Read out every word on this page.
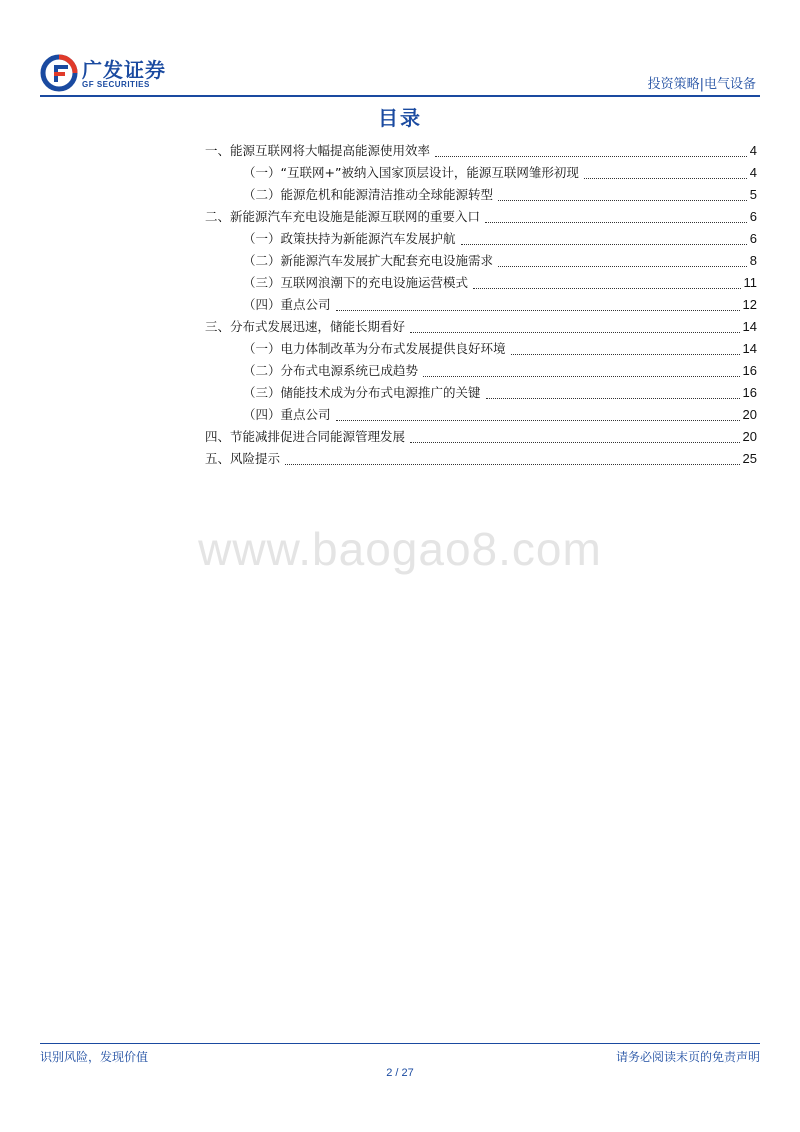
广发证券
GF SECURITIES	投资策略|电气设备
目录
一、能源互联网将大幅提高能源使用效率	4
（一）“互联网+”被纳入国家顶层设计，能源互联网雏形初现	4
（二）能源危机和能源清洁推动全球能源转型	5
二、新能源汽车充电设施是能源互联网的重要入口	6
（一）政策扶持为新能源汽车发展护航	6
（二）新能源汽车发展扩大配套充电设施需求	8
（三）互联网浪潮下的充电设施运营模式	11
（四）重点公司	12
三、分布式发展迅速，储能长期看好	14
（一）电力体制改革为分布式发展提供良好环境	14
（二）分布式电源系统已成趋势	16
（三）储能技术成为分布式电源推广的关键	16
（四）重点公司	20
四、节能减排促进合同能源管理发展	20
五、风险提示	25
www.baogao8.com
识别风险，发现价值	请务必阅读末页的免责声明
2 / 27
